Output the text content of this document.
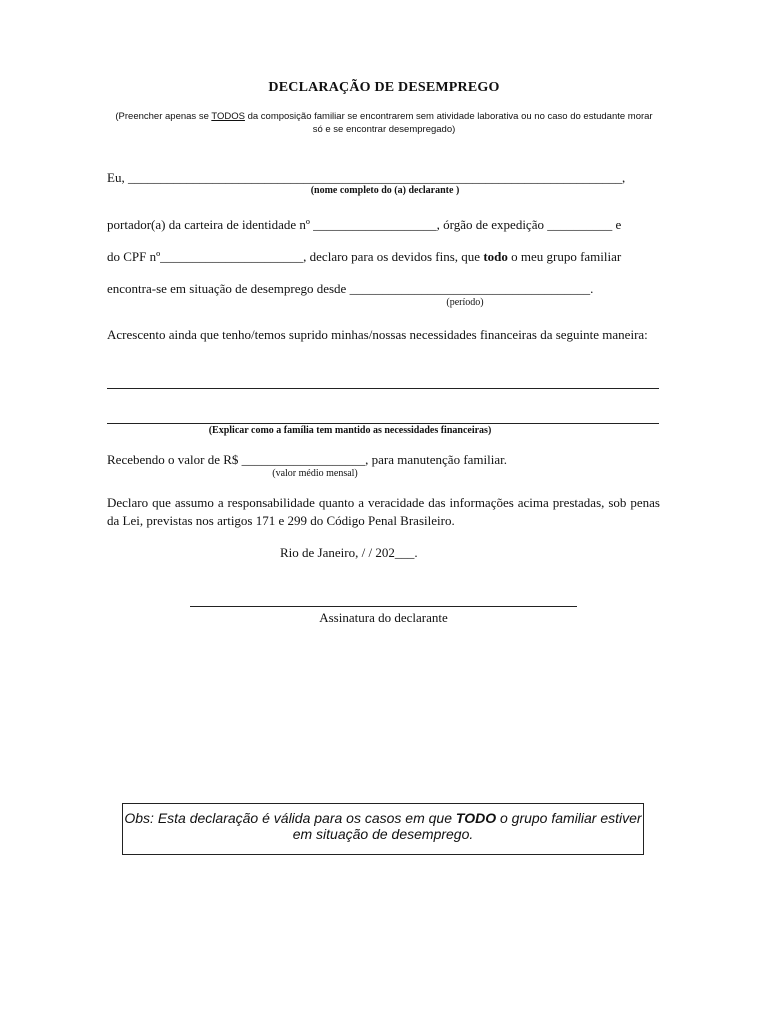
DECLARAÇÃO DE DESEMPREGO
(Preencher apenas se TODOS da composição familiar se encontrarem sem atividade laborativa ou no caso do estudante morar só e se encontrar desempregado)
Eu, ____________________________________________________________________________,
(nome completo do (a) declarante )
portador(a) da carteira de identidade nº ___________________, órgão de expedição __________ e
do CPF nº______________________, declaro para os devidos fins, que todo o meu grupo familiar
encontra-se em situação de desemprego desde _____________________________________.
(período)
Acrescento ainda que tenho/temos suprido minhas/nossas necessidades financeiras da seguinte maneira:
(Explicar como a família tem mantido as necessidades financeiras)
Recebendo o valor de R$ ___________________, para manutenção familiar.
(valor médio mensal)
Declaro que assumo a responsabilidade quanto a veracidade das informações acima prestadas, sob penas da Lei, previstas nos artigos 171 e 299 do Código Penal Brasileiro.
Rio de Janeiro, / / 202___.
Assinatura do declarante
Obs: Esta declaração é válida para os casos em que TODO o grupo familiar estiver em situação de desemprego.
